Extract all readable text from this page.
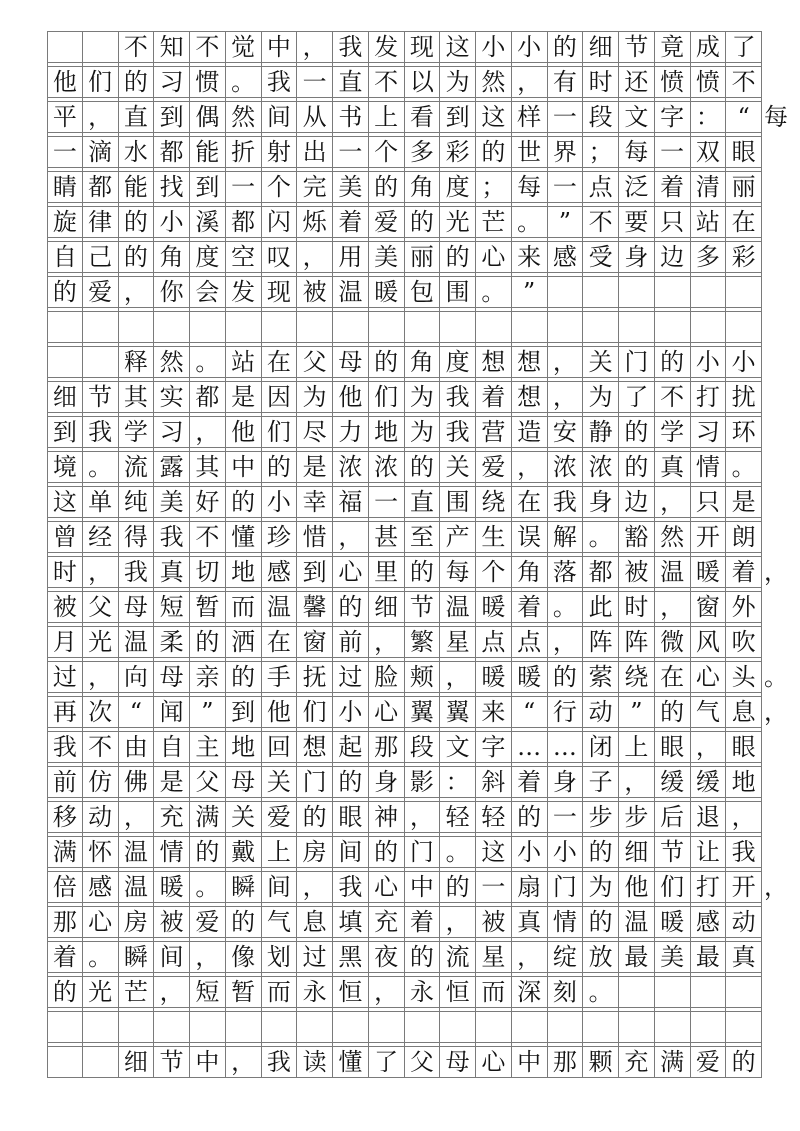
不 知 不 觉 中 ， 我 发 现 这 小 小 的 细 节 竟 成 了
他 们 的 习 惯 。 我 一 直 不 以 为 然 ， 有 时 还 愤 愤 不
平 ， 直 到 偶 然 间 从 书 上 看 到 这 样 一 段 文 字 ： “ 每
一 滴 水 都 能 折 射 出 一 个 多 彩 的 世 界 ； 每 一 双 眼
睛 都 能 找 到 一 个 完 美 的 角 度 ； 每 一 点 泛 着 清 丽
旋 律 的 小 溪 都 闪 烁 着 爱 的 光 芒 。 ” 不 要 只 站 在
自 己 的 角 度 空 叹 ， 用 美 丽 的 心 来 感 受 身 边 多 彩
的 爱 ， 你 会 发 现 被 温 暖 包 围 。 ”
释 然 。 站 在 父 母 的 角 度 想 想 ， 关 门 的 小 小
细 节 其 实 都 是 因 为 他 们 为 我 着 想 ， 为 了 不 打 扰
到 我 学 习 ， 他 们 尽 力 地 为 我 营 造 安 静 的 学 习 环
境 。 流 露 其 中 的 是 浓 浓 的 关 爱 ， 浓 浓 的 真 情 。
这 单 纯 美 好 的 小 幸 福 一 直 围 绕 在 我 身 边 ， 只 是
曾 经 得 我 不 懂 珍 惜 ， 甚 至 产 生 误 解 。 豁 然 开 朗
时 ， 我 真 切 地 感 到 心 里 的 每 个 角 落 都 被 温 暖 着 ，
被 父 母 短 暂 而 温 馨 的 细 节 温 暖 着 。 此 时 ， 窗 外
月 光 温 柔 的 洒 在 窗 前 ， 繁 星 点 点 ， 阵 阵 微 风 吹
过 ， 向 母 亲 的 手 抚 过 脸 颊 ， 暖 暖 的 萦 绕 在 心 头 。
再 次 “ 闻 ” 到 他 们 小 心 翼 翼 来 “ 行 动 ” 的 气 息 ，
我 不 由 自 主 地 回 想 起 那 段 文 字 … … 闭 上 眼 ， 眼
前 仿 佛 是 父 母 关 门 的 身 影 ： 斜 着 身 子 ， 缓 缓 地
移 动 ， 充 满 关 爱 的 眼 神 ， 轻 轻 的 一 步 步 后 退 ，
满 怀 温 情 的 戴 上 房 间 的 门 。 这 小 小 的 细 节 让 我
倍 感 温 暖 。 瞬 间 ， 我 心 中 的 一 扇 门 为 他 们 打 开 ，
那 心 房 被 爱 的 气 息 填 充 着 ， 被 真 情 的 温 暖 感 动
着 。 瞬 间 ， 像 划 过 黑 夜 的 流 星 ， 绽 放 最 美 最 真
的 光 芒 ， 短 暂 而 永 恒 ， 永 恒 而 深 刻 。
细 节 中 ， 我 读 懂 了 父 母 心 中 那 颗 充 满 爱 的
